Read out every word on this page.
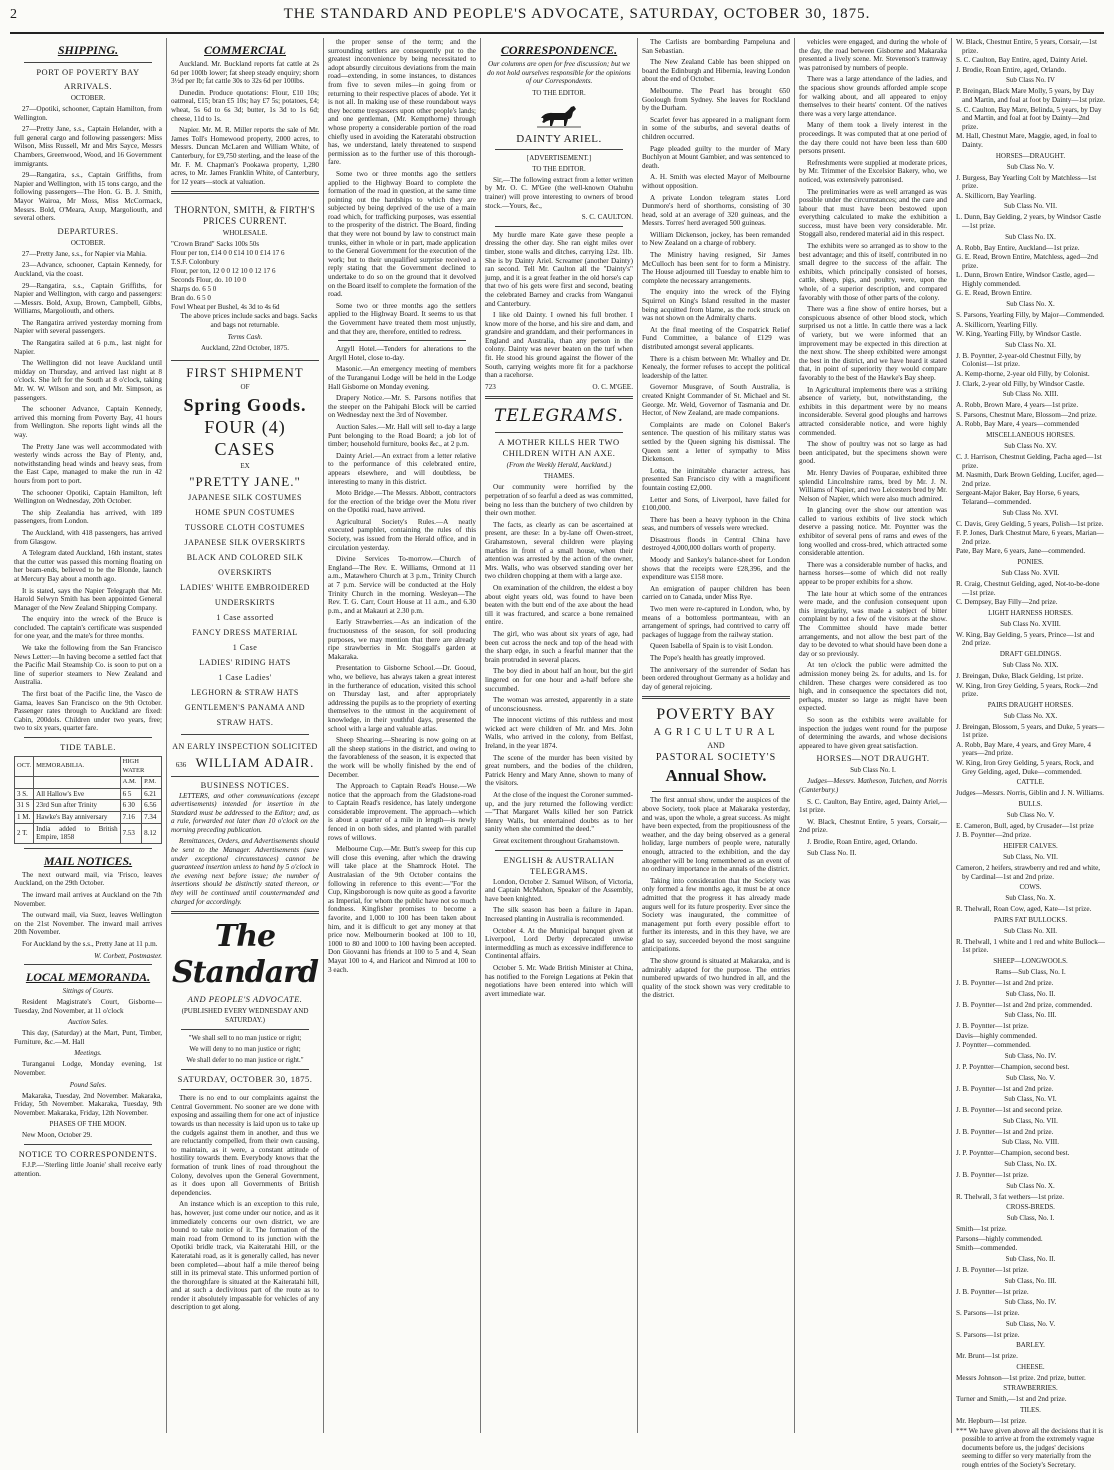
2	THE STANDARD AND PEOPLE'S ADVOCATE, SATURDAY, OCTOBER 30, 1875.
SHIPPING.
PORT OF POVERTY BAY
ARRIVALS.
OCTOBER.

27—Opotiki, schooner, Captain Hamilton, from Wellington.

27—Pretty Jane, s.s., Captain Helander, with a full general cargo and following passengers: Miss Wilson, Miss Russell, Mr and Mrs Sayce, Messrs Chambers, Greenwood, Wood, and 16 Government immigrants.

29—Rangatira, s.s., Captain Griffiths, from Napier and Wellington, with 15 tons cargo, and the following passengers—The Hon. G. B. J. Smith, Mayor Wairoa, Mr Moss, Miss McCormack, Messrs. Bold, O'Meara, Axup, Margoliouth, and several others.

DEPARTURES.
OCTOBER.

27—Pretty Jane, s.s., for Napier via Mahia.

23—Advance, schooner, Captain Kennedy, for Auckland, via the coast.

29—Rangatira, s.s., Captain Griffiths, for Napier and Wellington, with cargo and passengers:—Messrs. Bold, Axup, Brown, Campbell, Gibbs, Williams, Margoliouth, and others.

The Rangatira arrived yesterday morning from Napier with several passengers.

The Rangatira sailed at 6 p.m., last night for Napier.

The Wellington did not leave Auckland until midday on Thursday, and arrived last night at 8 o'clock. She left for the South at 8 o'clock, taking Mr. W. W. Wilson and son, and Mr. Simpson, as passengers.

The schooner Advance, Captain Kennedy, arrived this morning from Poverty Bay, 41 hours from Wellington. She reports light winds all the way.

The Pretty Jane was well accommodated with westerly winds across the Bay of Plenty, and, notwithstanding head winds and heavy seas, from the East Cape, managed to make the run in 42 hours from port to port.

The schooner Opotiki, Captain Hamilton, left Wellington on Wednesday, 20th October.

The ship Zealandia has arrived, with 189 passengers, from London.

The Auckland, with 418 passengers, has arrived from Glasgow.

A Telegram dated Auckland, 16th instant, states that the cutter was passed this morning floating on her beam-ends, believed to be the Blonde, launch at Mercury Bay about a month ago.

It is stated, says the Napier Telegraph that Mr. Harold Selwyn Smith has been appointed General Manager of the New Zealand Shipping Company.

The enquiry into the wreck of the Bruce is concluded. The captain's certificate was suspended for one year, and the mate's for three months.

We take the following from the San Francisco News Letter:—In having become a settled fact that the Pacific Mail Steamship Co. is soon to put on a line of superior steamers to New Zealand and Australia.

The first boat of the Pacific line, the Vasco de Gama, leaves San Francisco on the 9th October. Passenger rates through to Auckland are fixed: Cabin, 200dols. Children under two years, free; two to six years, quarter fare.

TIDE TABLE.
OCT.	MEMORABILIA.	HIGH WATER	
		A.M.	P.M.
3 S.	All Hallow's Eve	6 5	6.21
31 S	23rd Sun after Trinity	6 30	6.56
1 M.	Hawke's Bay anniversary	7.16	7.34
2 T.	India added to British Empire, 1858	7.53	8.12
MAIL NOTICES.

The next outward mail, via 'Frisco, leaves Auckland, on the 29th October.

The inward mail arrives at Auckland on the 7th November.

The outward mail, via Suez, leaves Wellington on the 21st November. The inward mail arrives 20th November.

For Auckland by the s.s., Pretty Jane at 11 p.m.

W. Corbett, Postmaster.
LOCAL MEMORANDA.
Sittings of Courts.

Resident Magistrate's Court, Gisborne—Tuesday, 2nd November, at 11 o'clock

Auction Sales.

This day, (Saturday) at the Mart, Punt, Timber, Furniture, &c.—M. Hall

Meetings.

Turanganui Lodge, Monday evening, 1st November.

Pound Sales.

Makaraka, Tuesday, 2nd November. Makaraka, Friday, 5th November. Makaraka, Tuesday, 9th November. Makaraka, Friday, 12th November.

PHASES OF THE MOON.

New Moon, October 29.

NOTICE TO CORRESPONDENTS.

F.J.P.—'Sterling little Joanie' shall receive early attention.

COMMERCIAL

Auckland. Mr. Buckland reports fat cattle at 2s 6d per 100lb lower; fat sheep steady enquiry; shorn 3½d per lb; fat cattle 30s to 32s 6d per 100lbs.

Dunedin. Produce quotations: Flour, £10 10s; oatmeal, £15; bran £5 10s; hay £7 5s; potatoes, £4; wheat, 5s 6d to 6s 3d; butter, 1s 3d to 1s 6d; cheese, 11d to 1s.

Napier. Mr. M. R. Miller reports the sale of Mr. James Toll's Homewood property, 2000 acres, to Messrs. Duncan McLaren and William White, of Canterbury, for £9,750 sterling, and the lease of the Mr. F. M. Chapman's Pookawa property, 1,280 acres, to Mr. James Franklin White, of Canterbury, for 12 years—stock at valuation.

THORNTON, SMITH, & FIRTH'S PRICES CURRENT.
WHOLESALE.

"Crown Brand" Sacks 100s 50s

Flour per ton, £14 0 0 £14 10 0 £14 17 6

T.S.F. Colonbury

Flour, per ton, 12 0 0 12 10 0 12 17 6

Seconds Flour, do. 10 10 0

Sharps do. 6 5 0

Bran do. 6 5 0

Fowl Wheat per Bushel, 4s 3d to 4s 6d

The above prices include sacks and bags. Sacks and bags not returnable.

Terms Cash.
Auckland, 22nd October, 1875.
FIRST SHIPMENT
OF
Spring Goods.
FOUR (4) CASES
EX
"PRETTY JANE."
JAPANESE SILK COSTUMES
HOME SPUN COSTUMES
TUSSORE CLOTH COSTUMES
JAPANESE SILK OVERSKIRTS
BLACK AND COLORED SILK OVERSKIRTS
LADIES' WHITE EMBROIDERED UNDERSKIRTS
1 Case assorted
FANCY DRESS MATERIAL
1 Case
LADIES' RIDING HATS
1 Case Ladies'
LEGHORN & STRAW HATS
GENTLEMEN'S PANAMA AND STRAW HATS.
AN EARLY INSPECTION SOLICITED
636 WILLIAM ADAIR.
BUSINESS NOTICES.

LETTERS, and other communications (except advertisements) intended for insertion in the Standard must be addressed to the Editor; and, as a rule, forwarded not later than 10 o'clock on the morning preceding publication.

Remittances, Orders, and Advertisements should be sent to the Manager. Advertisements (save under exceptional circumstances) cannot be guaranteed insertion unless to hand by 5 o'clock in the evening next before issue; the number of insertions should be distinctly stated thereon, or they will be continued until countermanded and charged for accordingly.

The Standard
AND PEOPLE'S ADVOCATE.
(PUBLISHED EVERY WEDNESDAY AND SATURDAY.)
"We shall sell to no man justice or right;
We will deny to no man justice or right;
We shall defer to no man justice or right."
SATURDAY, OCTOBER 30, 1875.

There is no end to our complaints against the Central Government. No sooner are we done with exposing and assailing them for one act of injustice towards us than necessity is laid upon us to take up the cudgels against them in another, and thus we are reluctantly compelled, from their own causing, to maintain, as it were, a constant attitude of hostility towards them. Everybody knows that the formation of trunk lines of road throughout the Colony, devolves upon the General Government, as it does upon all Governments of British dependencies.

An instance which is an exception to this rule, has, however, just come under our notice, and as it immediately concerns our own district, we are bound to take notice of it. The formation of the main road from Ormond to its junction with the Opotiki bridle track, via Kaiteratahi Hill, or the Kateratahi road, as it is generally called, has never been completed—about half a mile thereof being still in its primeval state. This unformed portion of the thoroughfare is situated at the Kaiteratahi hill, and at such a declivitous part of the route as to render it absolutely impassable for vehicles of any description to get along.

the proper sense of the term; and the surrounding settlers are consequently put to the greatest inconvenience by being necessitated to adopt absurdly circuitous deviations from the main road—extending, in some instances, to distances from five to seven miles—in going from or returning to their respective places of abode. Yet it is not all. In making use of these roundabout ways they become trespassers upon other people's lands; and one gentleman, (Mr. Kempthorne) through whose property a considerable portion of the road chiefly used in avoiding the Kateratahi obstruction has, we understand, lately threatened to suspend permission as to the further use of this thorough-fare.

Some two or three months ago the settlers applied to the Highway Board to complete the formation of the road in question, at the same time pointing out the hardships to which they are subjected by being deprived of the use of a main road which, for trafficking purposes, was essential to the prosperity of the district. The Board, finding that they were not bound by law to construct main trunks, either in whole or in part, made application to the General Government for the execution of the work; but to their unqualified surprise received a reply stating that the Government declined to undertake to do so on the ground that it devolved on the Board itself to complete the formation of the road.

Some two or three months ago the settlers applied to the Highway Board. It seems to us that the Government have treated them most unjustly, and that they are, therefore, entitled to redress.

Argyll Hotel.—Tenders for alterations to the Argyll Hotel, close to-day.

Masonic.—An emergency meeting of members of the Turanganui Lodge will be held in the Lodge Hall Gisborne on Monday evening.

Drapery Notice.—Mr. S. Parsons notifies that the steeper on the Pahipahi Block will be carried on Wednesday next the 3rd of November.

Auction Sales.—Mr. Hall will sell to-day a large Punt belonging to the Road Board; a job lot of timber; household furniture, books &c., at 2 p.m.

Dainty Ariel.—An extract from a letter relative to the performance of this celebrated entire, appears elsewhere, and will doubtless, be interesting to many in this district.

Moto Bridge.—The Messrs. Abbott, contractors for the erection of the bridge over the Motu river on the Opotiki road, have arrived.

Agricultural Society's Rules.—A neatly executed pamphlet, containing the rules of this Society, was issued from the Herald office, and in circulation yesterday.

Divine Services To-morrow.—Church of England—The Rev. E. Williams, Ormond at 11 a.m., Matawhero Church at 3 p.m., Trinity Church at 7 p.m. Service will be conducted at the Holy Trinity Church in the morning. Wesleyan—The Rev. T. G. Carr, Court House at 11 a.m., and 6.30 p.m., and at Makauri at 2.30 p.m.

Early Strawberries.—As an indication of the fructuousness of the season, for soil producing purposes, we may mention that there are already ripe strawberries in Mr. Stoggall's garden at Makaraka.

Presentation to Gisborne School.—Dr. Gooud, who, we believe, has always taken a great interest in the furtherance of education, visited this school on Thursday last, and after appropriately addressing the pupils as to the propriety of exerting themselves to the utmost in the acquirement of knowledge, in their youthful days, presented the school with a large and valuable atlas.

Sheep Shearing.—Shearing is now going on at all the sheep stations in the district, and owing to the favorableness of the season, it is expected that the work will be wholly finished by the end of December.

The Approach to Captain Read's House.—We notice that the approach from the Gladstone-road to Captain Read's residence, has lately undergone considerable improvement. The approach—which is about a quarter of a mile in length—is newly fenced in on both sides, and planted with parallel rows of willows.

Melbourne Cup.—Mr. Butt's sweep for this cup will close this evening, after which the drawing will take place at the Shamrock Hotel. The Australasian of the 9th October contains the following in reference to this event:—"For the Cup, Kingsborough is now quite as good a favorite as Imperial, for whom the public have not so much fondness. Kingfisher promises to become a favorite, and 1,000 to 100 has been taken about him, and it is difficult to get any money at that price now. Melbournerin booked at 100 to 10, 1000 to 80 and 1000 to 100 having been accepted. Don Giovanni has friends at 100 to 5 and 4, Sean Mayat 100 to 4, and Haricot and Nimrod at 100 to 3 each.

CORRESPONDENCE.

Our columns are open for free discussion; but we do not hold ourselves responsible for the opinions of our Correspondents.

TO THE EDITOR.
DAINTY ARIEL.
[ADVERTISEMENT.]
TO THE EDITOR.

Sir,—The following extract from a letter written by Mr. O. C. M'Gee (the well-known Otahuhu trainer) will prove interesting to owners of brood stock.—Yours, &c.,

S. C. CAULTON.

My hurdle mare Kate gave these people a dressing the other day. She ran eight miles over timber, stone walls and ditches, carrying 12st. 1lb. She is by Dainty Ariel. Screamer (another Dainty) ran second. Tell Mr. Caulton all the "Dainty's" jump, and it is a great feather in the old horse's cap that two of his gets were first and second, beating the celebrated Barney and cracks from Wanganui and Canterbury.

I like old Dainty. I owned his full brother. I know more of the horse, and his sire and dam, and grandsire and granddam, and their performances in England and Australia, than any person in the colony. Dainty was never beaten on the turf when fit. He stood his ground against the flower of the South, carrying weights more fit for a packhorse than a racehorse.

723	O. C. M'GEE.
TELEGRAMS.
A MOTHER KILLS HER TWO CHILDREN WITH AN AXE.
(From the Weekly Herald, Auckland.)
THAMES.

Our community were horrified by the perpetration of so fearful a deed as was committed, being no less than the butchery of two children by their own mother.

The facts, as clearly as can be ascertained at present, are these: In a by-lane off Owen-street, Grahamstown, several children were playing marbles in front of a small house, when their attention was arrested by the action of the owner, Mrs. Walls, who was observed standing over her two children chopping at them with a large axe.

On examination of the children, the eldest a boy about eight years old, was found to have been beaten with the butt end of the axe about the head till it was fractured, and scarce a bone remained entire.

The girl, who was about six years of age, had been cut across the neck and top of the head with the sharp edge, in such a fearful manner that the brain protruded in several places.

The boy died in about half an hour, but the girl lingered on for one hour and a-half before she succumbed.

The woman was arrested, apparently in a state of unconsciousness.

The innocent victims of this ruthless and most wicked act were children of Mr. and Mrs. John Walls, who arrived in the colony, from Belfast, Ireland, in the year 1874.

The scene of the murder has been visited by great numbers, and the bodies of the children, Patrick Henry and Mary Anne, shown to many of the visitors.

At the close of the inquest the Coroner summed-up, and the jury returned the following verdict:—"That Margaret Walls killed her son Patrick Henry Walls, but entertained doubts as to her sanity when she committed the deed."

Great excitement throughout Grahamstown.

ENGLISH & AUSTRALIAN TELEGRAMS.

London, October 2. Samuel Wilson, of Victoria, and Captain McMahon, Speaker of the Assembly, have been knighted.

The silk season has been a failure in Japan. Increased planting in Australia is recommended.

October 4. At the Municipal banquet given at Liverpool, Lord Derby deprecated unwise intermeddling as much as excessive indifference to Continental affairs.

October 5. Mr. Wade British Minister at China, has notified to the Foreign Legations at Pekin that negotiations have been entered into which will avert immediate war.

The Carlists are bombarding Pampeluna and San Sebastian.

The New Zealand Cable has been shipped on board the Edinburgh and Hibernia, leaving London about the end of October.

Melbourne. The Pearl has brought 650 Goolough from Sydney. She leaves for Rockland by the Durham.

Scarlet fever has appeared in a malignant form in some of the suburbs, and several deaths of children occurred.

Page pleaded guilty to the murder of Mary Buchlyon at Mount Gambier, and was sentenced to death.

A. H. Smith was elected Mayor of Melbourne without opposition.

A private London telegram states Lord Dunmore's herd of shorthorns, consisting of 30 head, sold at an average of 320 guineas, and the Messrs. Torres' herd averaged 500 guineas.

William Dickenson, jockey, has been remanded to New Zealand on a charge of robbery.

The Ministry having resigned, Sir James McCulloch has been sent for to form a Ministry. The House adjourned till Tuesday to enable him to complete the necessary arrangements.

The enquiry into the wreck of the Flying Squirrel on King's Island resulted in the master being acquitted from blame, as the rock struck on was not shown on the Admiralty charts.

At the final meeting of the Cospatrick Relief Fund Committee, a balance of £129 was distributed amongst several applicants.

There is a chism between Mr. Whalley and Dr. Kenealy, the former refuses to accept the political leadership of the latter.

Governor Musgrave, of South Australia, is created Knight Commander of St. Michael and St. George. Mr. Weld, Governor of Tasmania and Dr. Hector, of New Zealand, are made companions.

Complaints are made on Colonel Baker's sentence. The question of his military status was settled by the Queen signing his dismissal. The Queen sent a letter of sympathy to Miss Dickenson.

Lotta, the inimitable character actress, has presented San Francisco city with a magnificent fountain costing £2,000.

Letter and Sons, of Liverpool, have failed for £100,000.

There has been a heavy typhoon in the China seas, and numbers of vessels were wrecked.

Disastrous floods in Central China have destroyed 4,000,000 dollars worth of property.

Moody and Sankey's balance-sheet for London shows that the receipts were £28,396, and the expenditure was £158 more.

An emigration of pauper children has been carried on to Canada, under Miss Rye.

Two men were re-captured in London, who, by means of a bottomless portmanteau, with an arrangement of springs, had contrived to carry off packages of luggage from the railway station.

Queen Isabella of Spain is to visit London.

The Pope's health has greatly improved.

The anniversary of the surrender of Sedan has been ordered throughout Germany as a holiday and day of general rejoicing.

POVERTY BAY
AGRICULTURAL
AND
PASTORAL SOCIETY'S
Annual Show.

The first annual show, under the auspices of the above Society, took place at Makaraka yesterday, and was, upon the whole, a great success. As might have been expected, from the propitiousness of the weather, and the day being observed as a general holiday, large numbers of people were, naturally enough, attracted to the exhibition, and the day altogether will be long remembered as an event of no ordinary importance in the annals of the district.

Taking into consideration that the Society was only formed a few months ago, it must be at once admitted that the progress it has already made augurs well for its future prosperity. Ever since the Society was inaugurated, the committee of management put forth every possible effort to further its interests, and in this they have, we are glad to say, succeeded beyond the most sanguine anticipations.

The show ground is situated at Makaraka, and is admirably adapted for the purpose. The entries numbered upwards of two hundred in all, and the quality of the stock shown was very creditable to the district.

vehicles were engaged, and during the whole of the day, the road between Gisborne and Makaraka presented a lively scene. Mr. Stevenson's tramway was patronised by numbers of people.

There was a large attendance of the ladies, and the spacious show grounds afforded ample scope for walking about, and all appeared to enjoy themselves to their hearts' content. Of the natives there was a very large attendance.

Many of them took a lively interest in the proceedings. It was computed that at one period of the day there could not have been less than 600 persons present.

Refreshments were supplied at moderate prices, by Mr. Trimmer of the Excelsior Bakery, who, we noticed, was extensively patronised.

The preliminaries were as well arranged as was possible under the circumstances; and the care and labour that must have been bestowed upon everything calculated to make the exhibition a success, must have been very considerable. Mr. Stoggall also, rendered material aid in this respect.

The exhibits were so arranged as to show to the best advantage; and this of itself, contributed in no small degree to the success of the affair. The exhibits, which principally consisted of horses, cattle, sheep, pigs, and poultry, were, upon the whole, of a superior description, and compared favorably with those of other parts of the colony.

There was a fine show of entire horses, but a conspicuous absence of other blood stock, which surprised us not a little. In cattle there was a lack of variety, but we were informed that an improvement may be expected in this direction at the next show. The sheep exhibited were amongst the best in the district, and we have heard it stated that, in point of superiority they would compare favorably to the best of the Hawke's Bay sheep.

In Agricultural implements there was a striking absence of variety, but, notwithstanding, the exhibits in this department were by no means inconsiderable. Several good ploughs and harrows attracted considerable notice, and were highly commended.

The show of poultry was not so large as had been anticipated, but the specimens shown were good.

Mr. Henry Davies of Pouparae, exhibited three splendid Lincolnshire rams, bred by Mr. J. N. Williams of Napier, and two Leicesters bred by Mr. Nelson of Napier, which were also much admired.

In glancing over the show our attention was called to various exhibits of live stock which deserve a passing notice. Mr. Poyntter was the exhibitor of several pens of rams and ewes of the long woolled and cross-bred, which attracted some considerable attention.

There was a considerable number of hacks, and harness horses—some of which did not really appear to be proper exhibits for a show.

The late hour at which some of the entrances were made, and the confusion consequent upon this irregularity, was made a subject of bitter complaint by not a few of the visitors at the show. The Committee should have made better arrangements, and not allow the best part of the day to be devoted to what should have been done a day or so previously.

At ten o'clock the public were admitted the admission money being 2s. for adults, and 1s. for children. These charges were considered as too high, and in consequence the spectators did not, perhaps, muster so large as might have been expected.

So soon as the exhibits were available for inspection the judges went round for the purpose of determining the awards, and whose decisions appeared to have given great satisfaction.

HORSES—NOT DRAUGHT.
Sub Class No. I.

Judges—Messrs. Matheson, Tutchen, and Norris (Canterbury.)

S. C. Caulton, Bay Entire, aged, Dainty Ariel,—1st prize.

W. Black, Chestnut Entire, 5 years, Corsair,—2nd prize.

J. Brodie, Roan Entire, aged, Orlando.

Sub Class No. II.

W. Black, Chestnut Entire, 5 years, Corsair,—1st prize.

S. C. Caulton, Bay Entire, aged, Dainty Ariel.

J. Brodie, Roan Entire, aged, Orlando.

Sub Class No. IV

P. Breingan, Black Mare Molly, 5 years, by Day and Martin, and foal at foot by Dainty—1st prize.

S. C. Caulton, Bay Mare, Belinda, 5 years, by Day and Martin, and foal at foot by Dainty—2nd prize.

M. Hall, Chestnut Mare, Maggie, aged, in foal to Dainty.

HORSES—DRAUGHT.

Sub Class No. V.

J. Burgess, Bay Yearling Colt by Matchless—1st prize.

A. Skillicorn, Bay Yearling.

Sub Class No. VII.

L. Dunn, Bay Gelding, 2 years, by Windsor Castle—1st prize.

Sub Class No. IX.

A. Robb, Bay Entire, Auckland—1st prize.

G. E. Read, Brown Entire, Matchless, aged—2nd prize.

L. Dunn, Brown Entire, Windsor Castle, aged—Highly commended.

G. E. Read, Brown Entire.

Sub Class No. X.

S. Parsons, Yearling Filly, by Major—Commended.

A. Skillicorn, Yearling Filly.

W. King, Yearling Filly, by Windsor Castle.

Sub Class No. XI.

J. B. Poyntter, 2-year-old Chestnut Filly, by Colonist—1st prize.

A. Kemp-thorne, 2-year old Filly, by Colonist.

J. Clark, 2-year old Filly, by Windsor Castle.

Sub Class No. XIII.

A. Robb, Brown Mare, 4 years—1st prize.

S. Parsons, Chestnut Mare, Blossom—2nd prize.

A. Robb, Bay Mare, 4 years—commended

MISCELLANEOUS HORSES.

Sub Class No. XV.

C. J. Harrison, Chestnut Gelding, Pacha aged—1st prize.

M. Nasmith, Dark Brown Gelding, Lucifer, aged—2nd prize.

Sergeant-Major Baker, Bay Horse, 6 years, Telarand—commended.

Sub Class No. XVI.

C. Davis, Grey Gelding, 5 years, Polish—1st prize.

F. P. Jones, Dark Chestnut Mare, 6 years, Marian—2nd prize.

Pate, Bay Mare, 6 years, Jane—commended.

PONIES.

Sub Class No. XVII.

R. Craig, Chestnut Gelding, aged, Not-to-be-done—1st prize.

C. Dempsey, Bay Filly—2nd prize.

LIGHT HARNESS HORSES.

Sub Class No. XVIII.

W. King, Bay Gelding, 5 years, Prince—1st and 2nd prize.

DRAFT GELDINGS.

Sub Class No. XIX.

J. Breingan, Duke, Black Gelding, 1st prize.

W. King, Iron Grey Gelding, 5 years, Rock—2nd prize.

PAIRS DRAUGHT HORSES.

Sub Class No. XX.

J. Breingan, Blossom, 5 years, and Duke, 5 years—1st prize.

A. Robb, Bay Mare, 4 years, and Grey Mare, 4 years—2nd prize.

W. King, Iron Grey Gelding, 5 years, Rock, and Grey Gelding, aged, Duke—commended.

CATTLE.

Judges—Messrs. Norris, Giblin and J. N. Williams.

BULLS.

Sub Class No. V.

E. Cameron, Bull, aged, by Crusader—1st prize

J. B. Poyntter—2nd prize.

HEIFER CALVES.

Sub Class, No. VII.

Cameron, 2 heifers, strawberry and red and white, by Cardinal—1st and 2nd prize.

COWS.

Sub Class, No. X.

R. Thelwall, Roan Cow, aged, Kate—1st prize.

PAIRS FAT BULLOCKS.

Sub Class No. XII.

R. Thelwall, 1 white and 1 red and white Bullock—1st prize.

SHEEP—LONGWOOLS.

Rams—Sub Class, No. I.

J. B. Poyntter—1st and 2nd prize.

Sub Class, No. II.

J. B. Poyntter—1st and 2nd prize, commended.

Sub Class, No. III.

J. B. Poyntter—1st prize.

Davis—highly commended.

J. Poyntter—commended.

Sub Class, No. IV.

J. P. Poyntter—Champion, second best.

Sub Class, No. V.

J. B. Poyntter—1st and 2nd prize.

Sub Class, No. VI.

J. B. Poyntter—1st and second prize.

Sub Class, No. VII.

J. B. Poyntter—1st and 2nd prize.

Sub Class, No. VIII.

J. P. Poyntter—Champion, second best.

Sub Class, No. IX.

J. B. Poyntter—1st prize.

Sub Class No. X.

R. Thelwall, 3 fat wethers—1st prize.

CROSS-BREDS.

Sub Class, No. I.

Smith—1st prize.

Parsons—highly commended.

Smith—commended.

Sub Class, No. II.

J. B. Poyntter—1st prize.

Sub Class, No. III.

J. B. Poyntter—1st prize.

Sub Class, No. IV.

S. Parsons—1st prize.

Sub Class, No. V.

S. Parsons—1st prize.

BARLEY.

Mr. Brunt—1st prize.

CHEESE.

Messrs Johnson—1st prize. 2nd prize, butter.

STRAWBERRIES.

Turner and Smith,—1st and 2nd prize.

TILES.

Mr. Hepburn—1st prize.

*** We have given above all the decisions that it is possible to arrive at from the extremely vague documents before us, the judges' decisions seeming to differ so very materially from the rough entries of the Society's Secretary.
